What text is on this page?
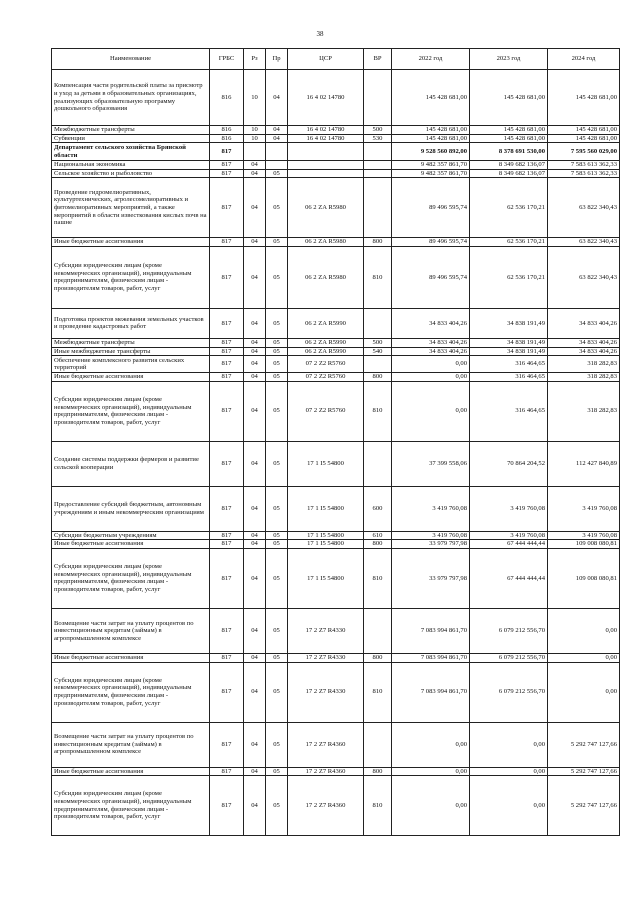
38
Наименование	ГРБС	Рз	Пр	ЦСР	ВР	2022 год	2023 год	2024 год
Компенсация части родительской платы за присмотр и уход за детьми в образовательных организациях, реализующих образовательную программу дошкольного образования	816	10	04	16 4 02 14780		145 428 681,00	145 428 681,00	145 428 681,00
Межбюджетные трансферты	816	10	04	16 4 02 14780	500	145 428 681,00	145 428 681,00	145 428 681,00
Субвенции	816	10	04	16 4 02 14780	530	145 428 681,00	145 428 681,00	145 428 681,00
Департамент сельского хозяйства Брянской области	817					9 528 560 892,00	8 378 691 530,00	7 595 560 029,00
Национальная экономика	817	04				9 482 357 861,70	8 349 682 136,07	7 583 613 362,33
Сельское хозяйство и рыболовство	817	04	05			9 482 357 861,70	8 349 682 136,07	7 583 613 362,33
Проведение гидромелиоративных, культуртехнических, агролесомелиоративных и фитомелиоративных мероприятий, а также мероприятий в области известкования кислых почв на пашне	817	04	05	06 2 ZA R5980		89 496 595,74	62 536 170,21	63 822 340,43
Иные бюджетные ассигнования	817	04	05	06 2 ZA R5980	800	89 496 595,74	62 536 170,21	63 822 340,43
Субсидии юридическим лицам (кроме некоммерческих организаций), индивидуальным предпринимателям, физическим лицам - производителям товаров, работ, услуг	817	04	05	06 2 ZA R5980	810	89 496 595,74	62 536 170,21	63 822 340,43
Подготовка проектов межевания земельных участков и проведение кадастровых работ	817	04	05	06 2 ZA R5990		34 833 404,26	34 838 191,49	34 833 404,26
Межбюджетные трансферты	817	04	05	06 2 ZA R5990	500	34 833 404,26	34 838 191,49	34 833 404,26
Иные межбюджетные трансферты	817	04	05	06 2 ZA R5990	540	34 833 404,26	34 838 191,49	34 833 404,26
Обеспечение комплексного развития сельских территорий	817	04	05	07 2 Z2 R5760		0,00	316 464,65	318 282,83
Иные бюджетные ассигнования	817	04	05	07 2 Z2 R5760	800	0,00	316 464,65	318 282,83
Субсидии юридическим лицам (кроме некоммерческих организаций), индивидуальным предпринимателям, физическим лицам - производителям товаров, работ, услуг	817	04	05	07 2 Z2 R5760	810	0,00	316 464,65	318 282,83
Создание системы поддержки фермеров и развитие сельской кооперации	817	04	05	17 1 I5 54800		37 399 558,06	70 864 204,52	112 427 840,89
Предоставление субсидий бюджетным, автономным учреждениям и иным некоммерческим организациям	817	04	05	17 1 I5 54800	600	3 419 760,08	3 419 760,08	3 419 760,08
Субсидии бюджетным учреждениям	817	04	05	17 1 I5 54800	610	3 419 760,08	3 419 760,08	3 419 760,08
Иные бюджетные ассигнования	817	04	05	17 1 I5 54800	800	33 979 797,98	67 444 444,44	109 008 080,81
Субсидии юридическим лицам (кроме некоммерческих организаций), индивидуальным предпринимателям, физическим лицам - производителям товаров, работ, услуг	817	04	05	17 1 I5 54800	810	33 979 797,98	67 444 444,44	109 008 080,81
Возмещение части затрат на уплату процентов по инвестиционным кредитам (займам) в агропромышленном комплексе	817	04	05	17 2 Z7 R4330		7 083 994 861,70	6 079 212 556,70	0,00
Иные бюджетные ассигнования	817	04	05	17 2 Z7 R4330	800	7 083 994 861,70	6 079 212 556,70	0,00
Субсидии юридическим лицам (кроме некоммерческих организаций), индивидуальным предпринимателям, физическим лицам - производителям товаров, работ, услуг	817	04	05	17 2 Z7 R4330	810	7 083 994 861,70	6 079 212 556,70	0,00
Возмещение части затрат на уплату процентов по инвестиционным кредитам (займам) в агропромышленном комплексе	817	04	05	17 2 Z7 R4360		0,00	0,00	5 292 747 127,66
Иные бюджетные ассигнования	817	04	05	17 2 Z7 R4360	800	0,00	0,00	5 292 747 127,66
Субсидии юридическим лицам (кроме некоммерческих организаций), индивидуальным предпринимателям, физическим лицам - производителям товаров, работ, услуг	817	04	05	17 2 Z7 R4360	810	0,00	0,00	5 292 747 127,66
